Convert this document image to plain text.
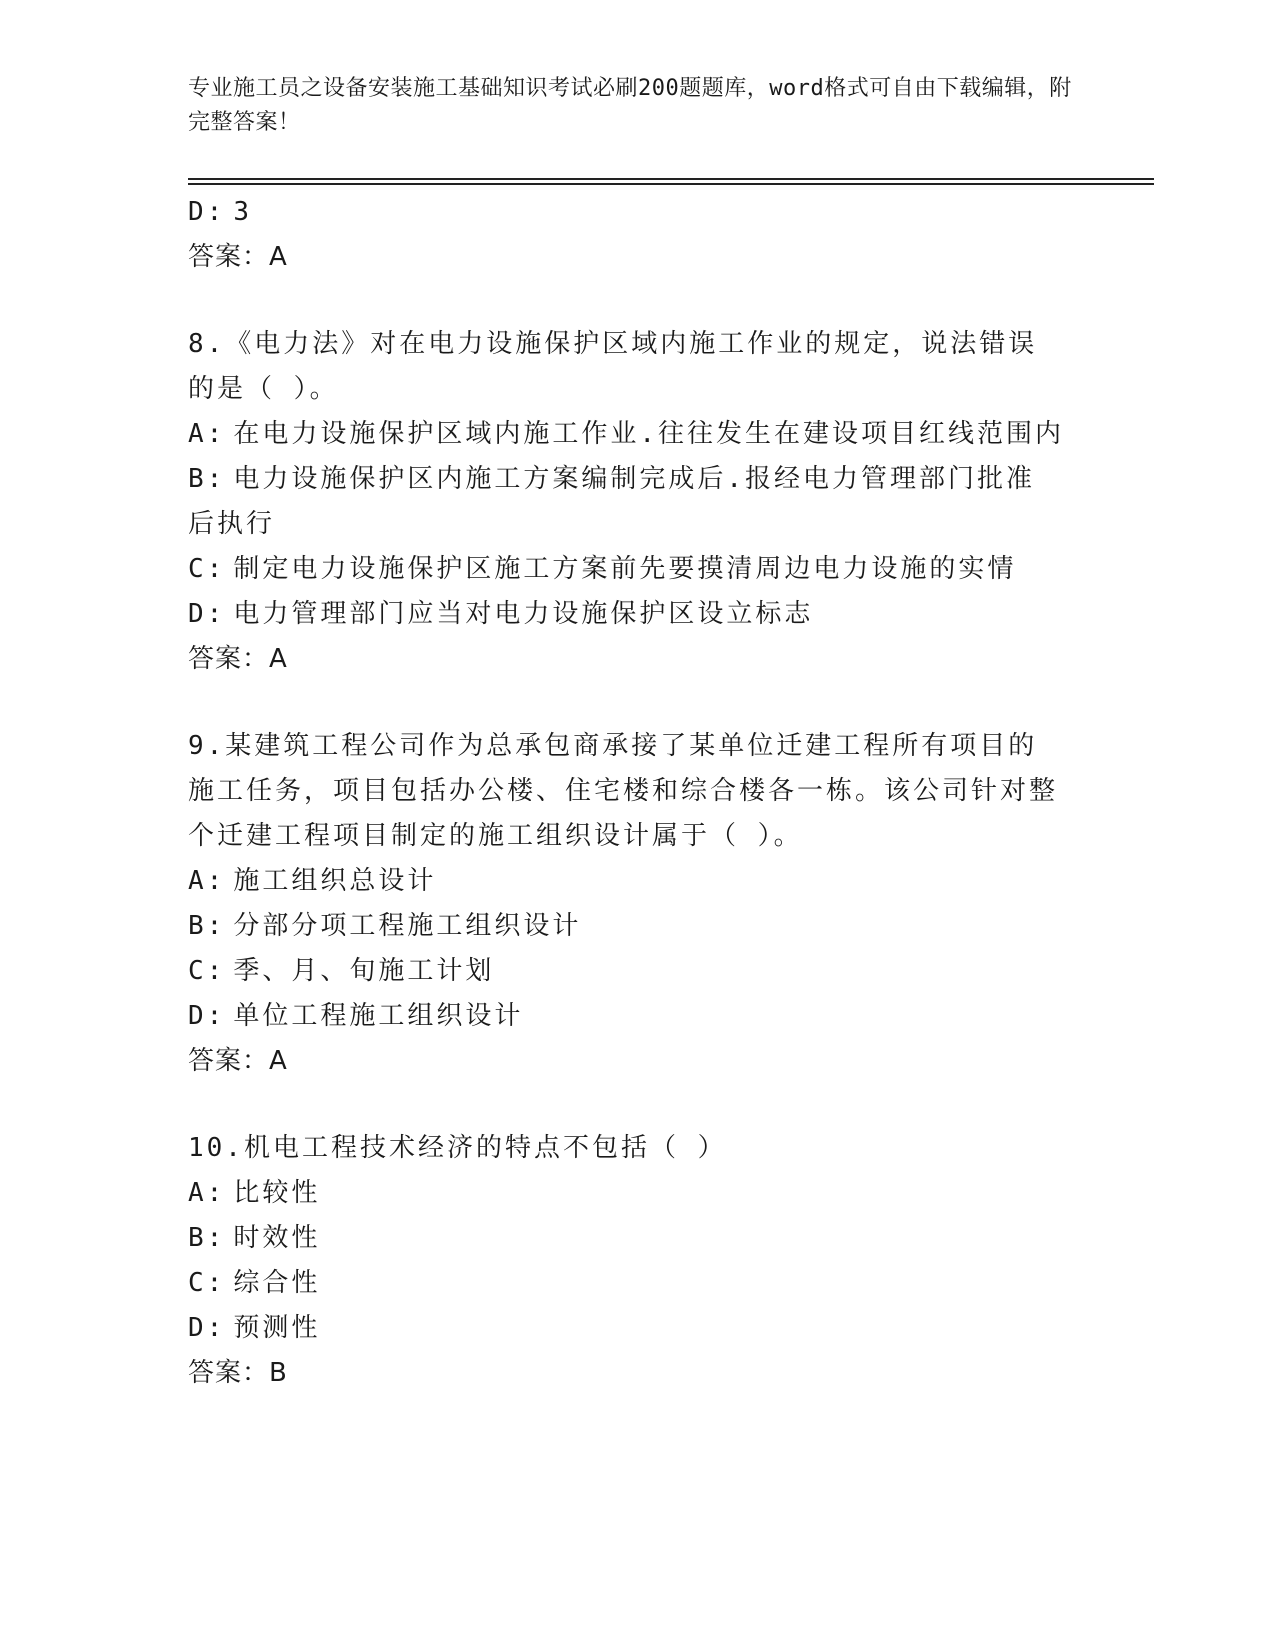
专业施工员之设备安装施工基础知识考试必刷200题题库，word格式可自由下载编辑，附完整答案！
D: 3
答案：A
8.《电力法》对在电力设施保护区域内施工作业的规定，说法错误的是（ ）。
A: 在电力设施保护区域内施工作业.往往发生在建设项目红线范围内
B: 电力设施保护区内施工方案编制完成后.报经电力管理部门批准后执行
C: 制定电力设施保护区施工方案前先要摸清周边电力设施的实情
D: 电力管理部门应当对电力设施保护区设立标志
答案：A
9.某建筑工程公司作为总承包商承接了某单位迁建工程所有项目的施工任务，项目包括办公楼、住宅楼和综合楼各一栋。该公司针对整个迁建工程项目制定的施工组织设计属于（ ）。
A: 施工组织总设计
B: 分部分项工程施工组织设计
C: 季、月、旬施工计划
D: 单位工程施工组织设计
答案：A
10.机电工程技术经济的特点不包括（ ）
A: 比较性
B: 时效性
C: 综合性
D: 预测性
答案：B
